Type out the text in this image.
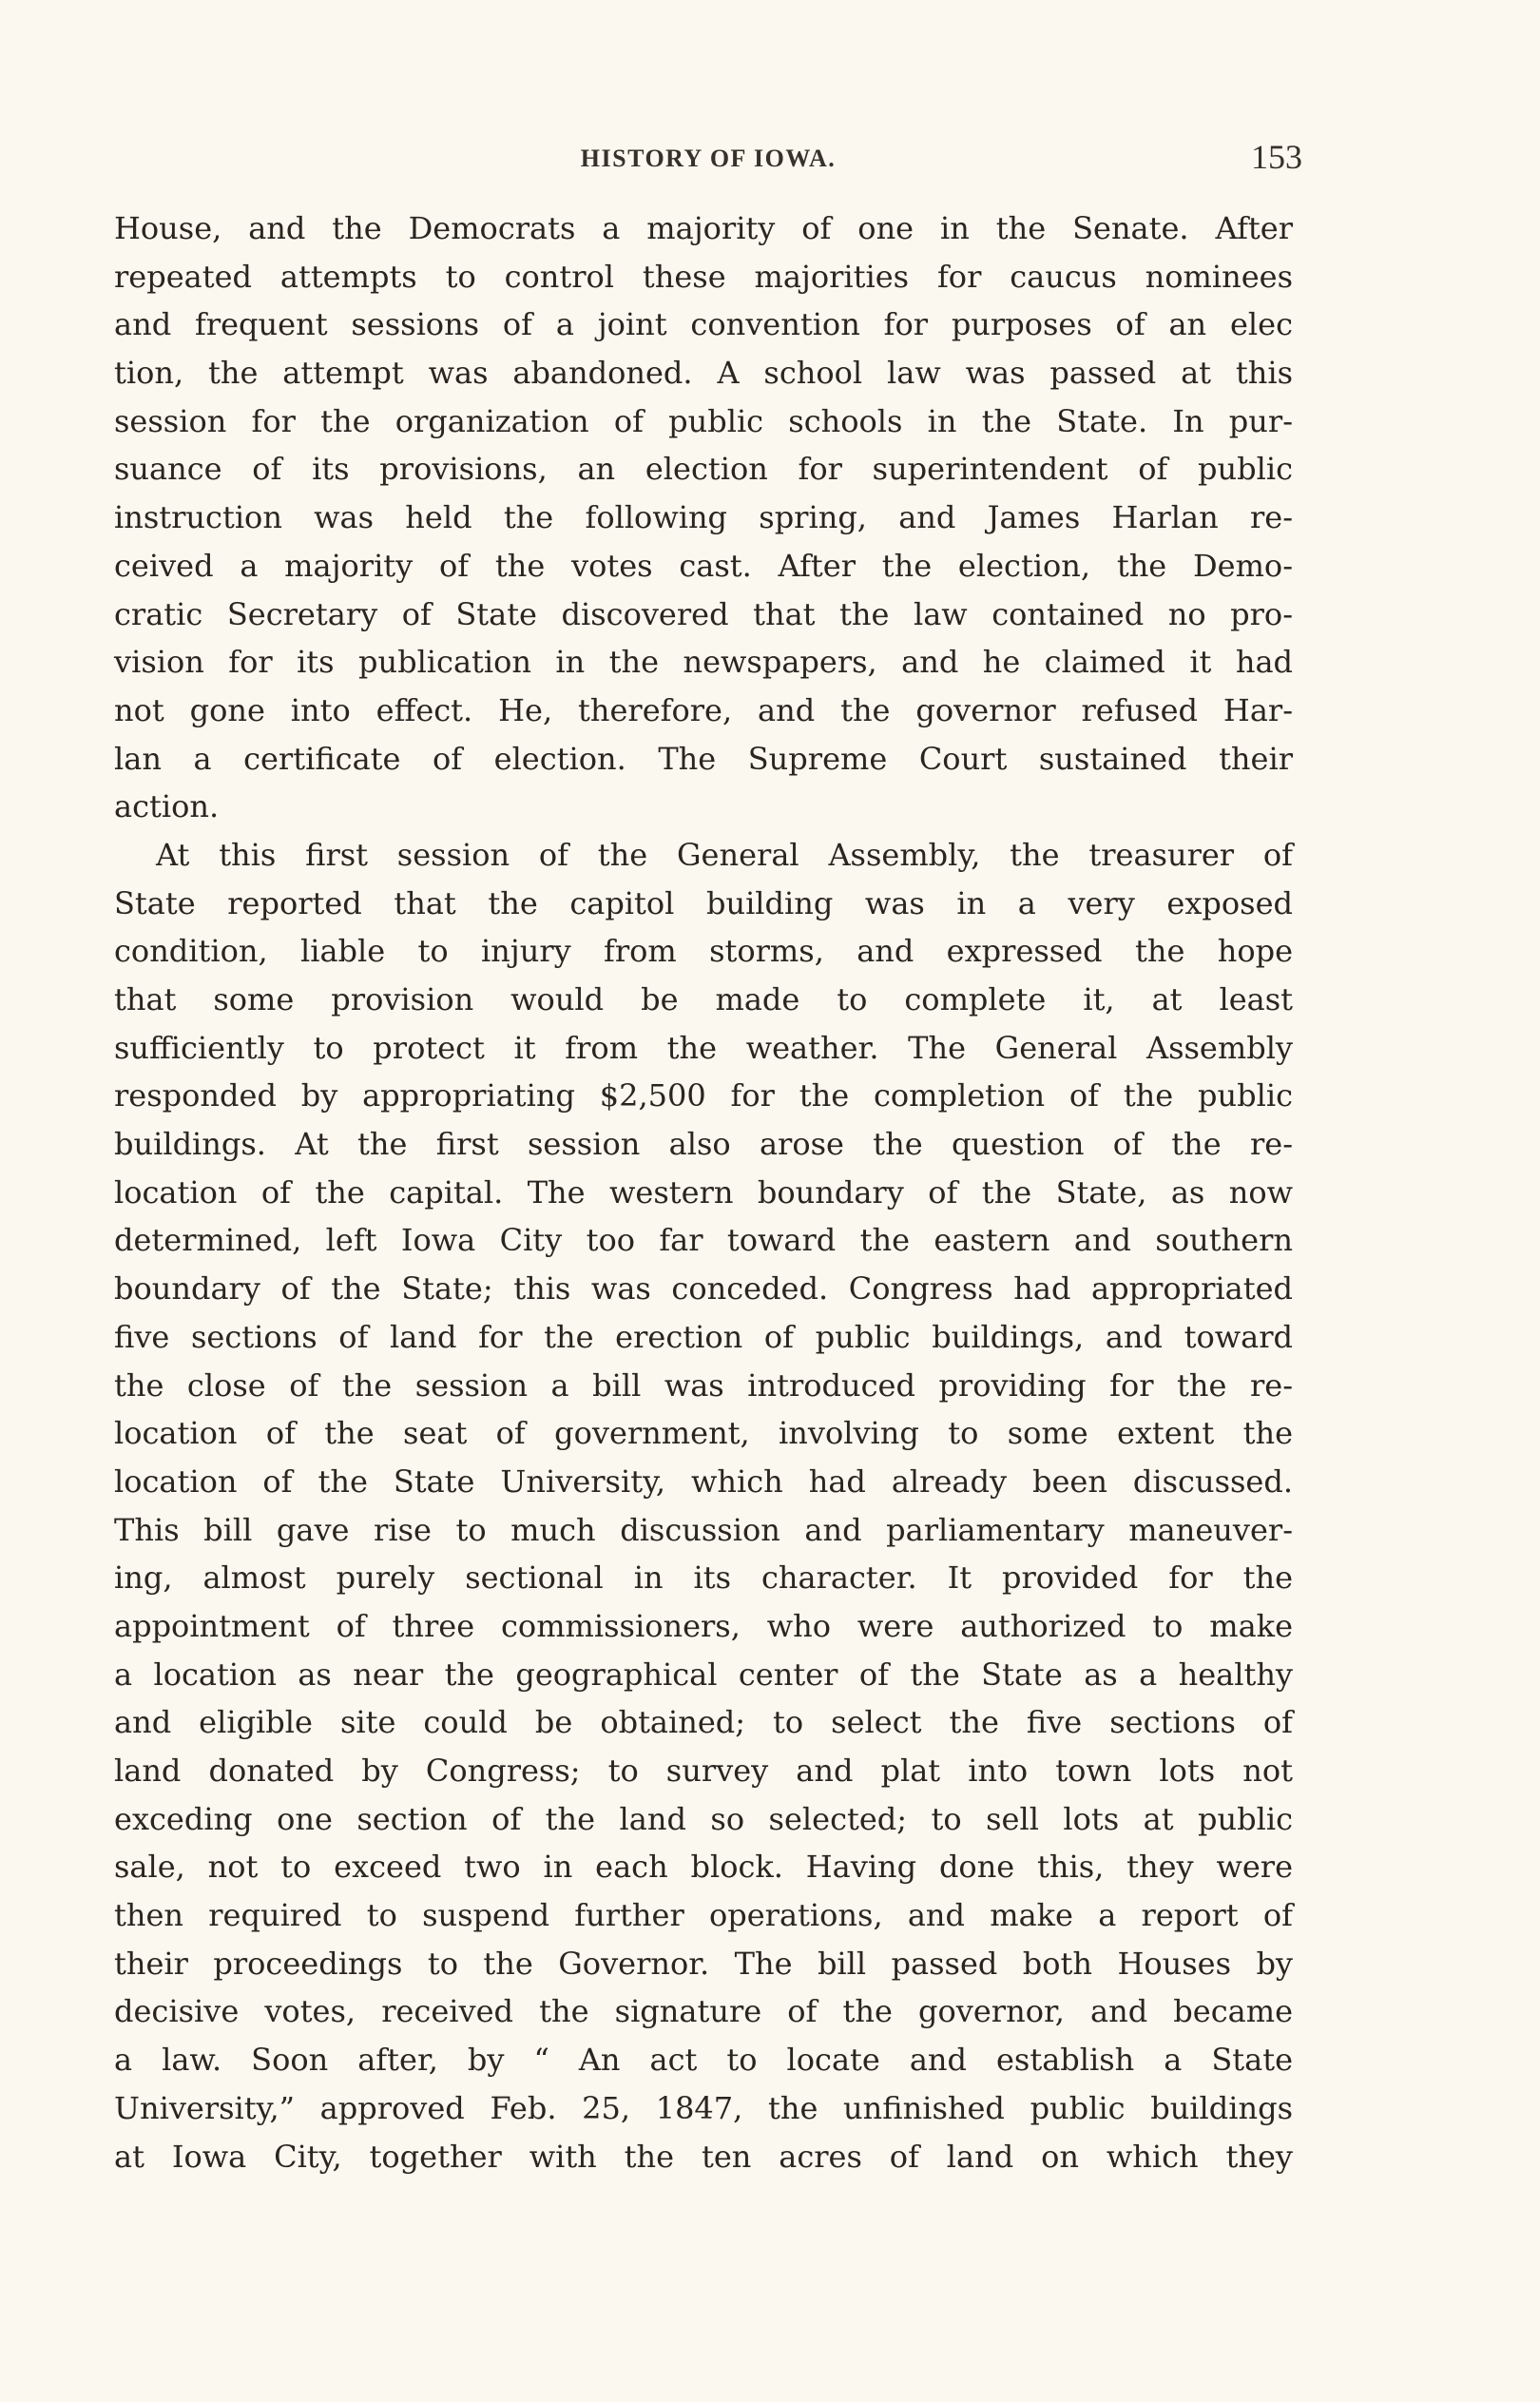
HISTORY OF IOWA.	153
House, and the Democrats a majority of one in the Senate. After
repeated attempts to control these majorities for caucus nominees
and frequent sessions of a joint convention for purposes of an elec
tion, the attempt was abandoned. A school law was passed at this
session for the organization of public schools in the State. In pur-
suance of its provisions, an election for superintendent of public
instruction was held the following spring, and James Harlan re-
ceived a majority of the votes cast. After the election, the Demo-
cratic Secretary of State discovered that the law contained no pro-
vision for its publication in the newspapers, and he claimed it had
not gone into effect. He, therefore, and the governor refused Har-
lan a certificate of election. The Supreme Court sustained their
action.
At this first session of the General Assembly, the treasurer of
State reported that the capitol building was in a very exposed
condition, liable to injury from storms, and expressed the hope
that some provision would be made to complete it, at least
sufficiently to protect it from the weather. The General Assembly
responded by appropriating $2,500 for the completion of the public
buildings. At the first session also arose the question of the re-
location of the capital. The western boundary of the State, as now
determined, left Iowa City too far toward the eastern and southern
boundary of the State; this was conceded. Congress had appropriated
five sections of land for the erection of public buildings, and toward
the close of the session a bill was introduced providing for the re-
location of the seat of government, involving to some extent the
location of the State University, which had already been discussed.
This bill gave rise to much discussion and parliamentary maneuver-
ing, almost purely sectional in its character. It provided for the
appointment of three commissioners, who were authorized to make
a location as near the geographical center of the State as a healthy
and eligible site could be obtained; to select the five sections of
land donated by Congress; to survey and plat into town lots not
exceding one section of the land so selected; to sell lots at public
sale, not to exceed two in each block. Having done this, they were
then required to suspend further operations, and make a report of
their proceedings to the Governor. The bill passed both Houses by
decisive votes, received the signature of the governor, and became
a law. Soon after, by “ An act to locate and establish a State
University,” approved Feb. 25, 1847, the unfinished public buildings
at Iowa City, together with the ten acres of land on which they
